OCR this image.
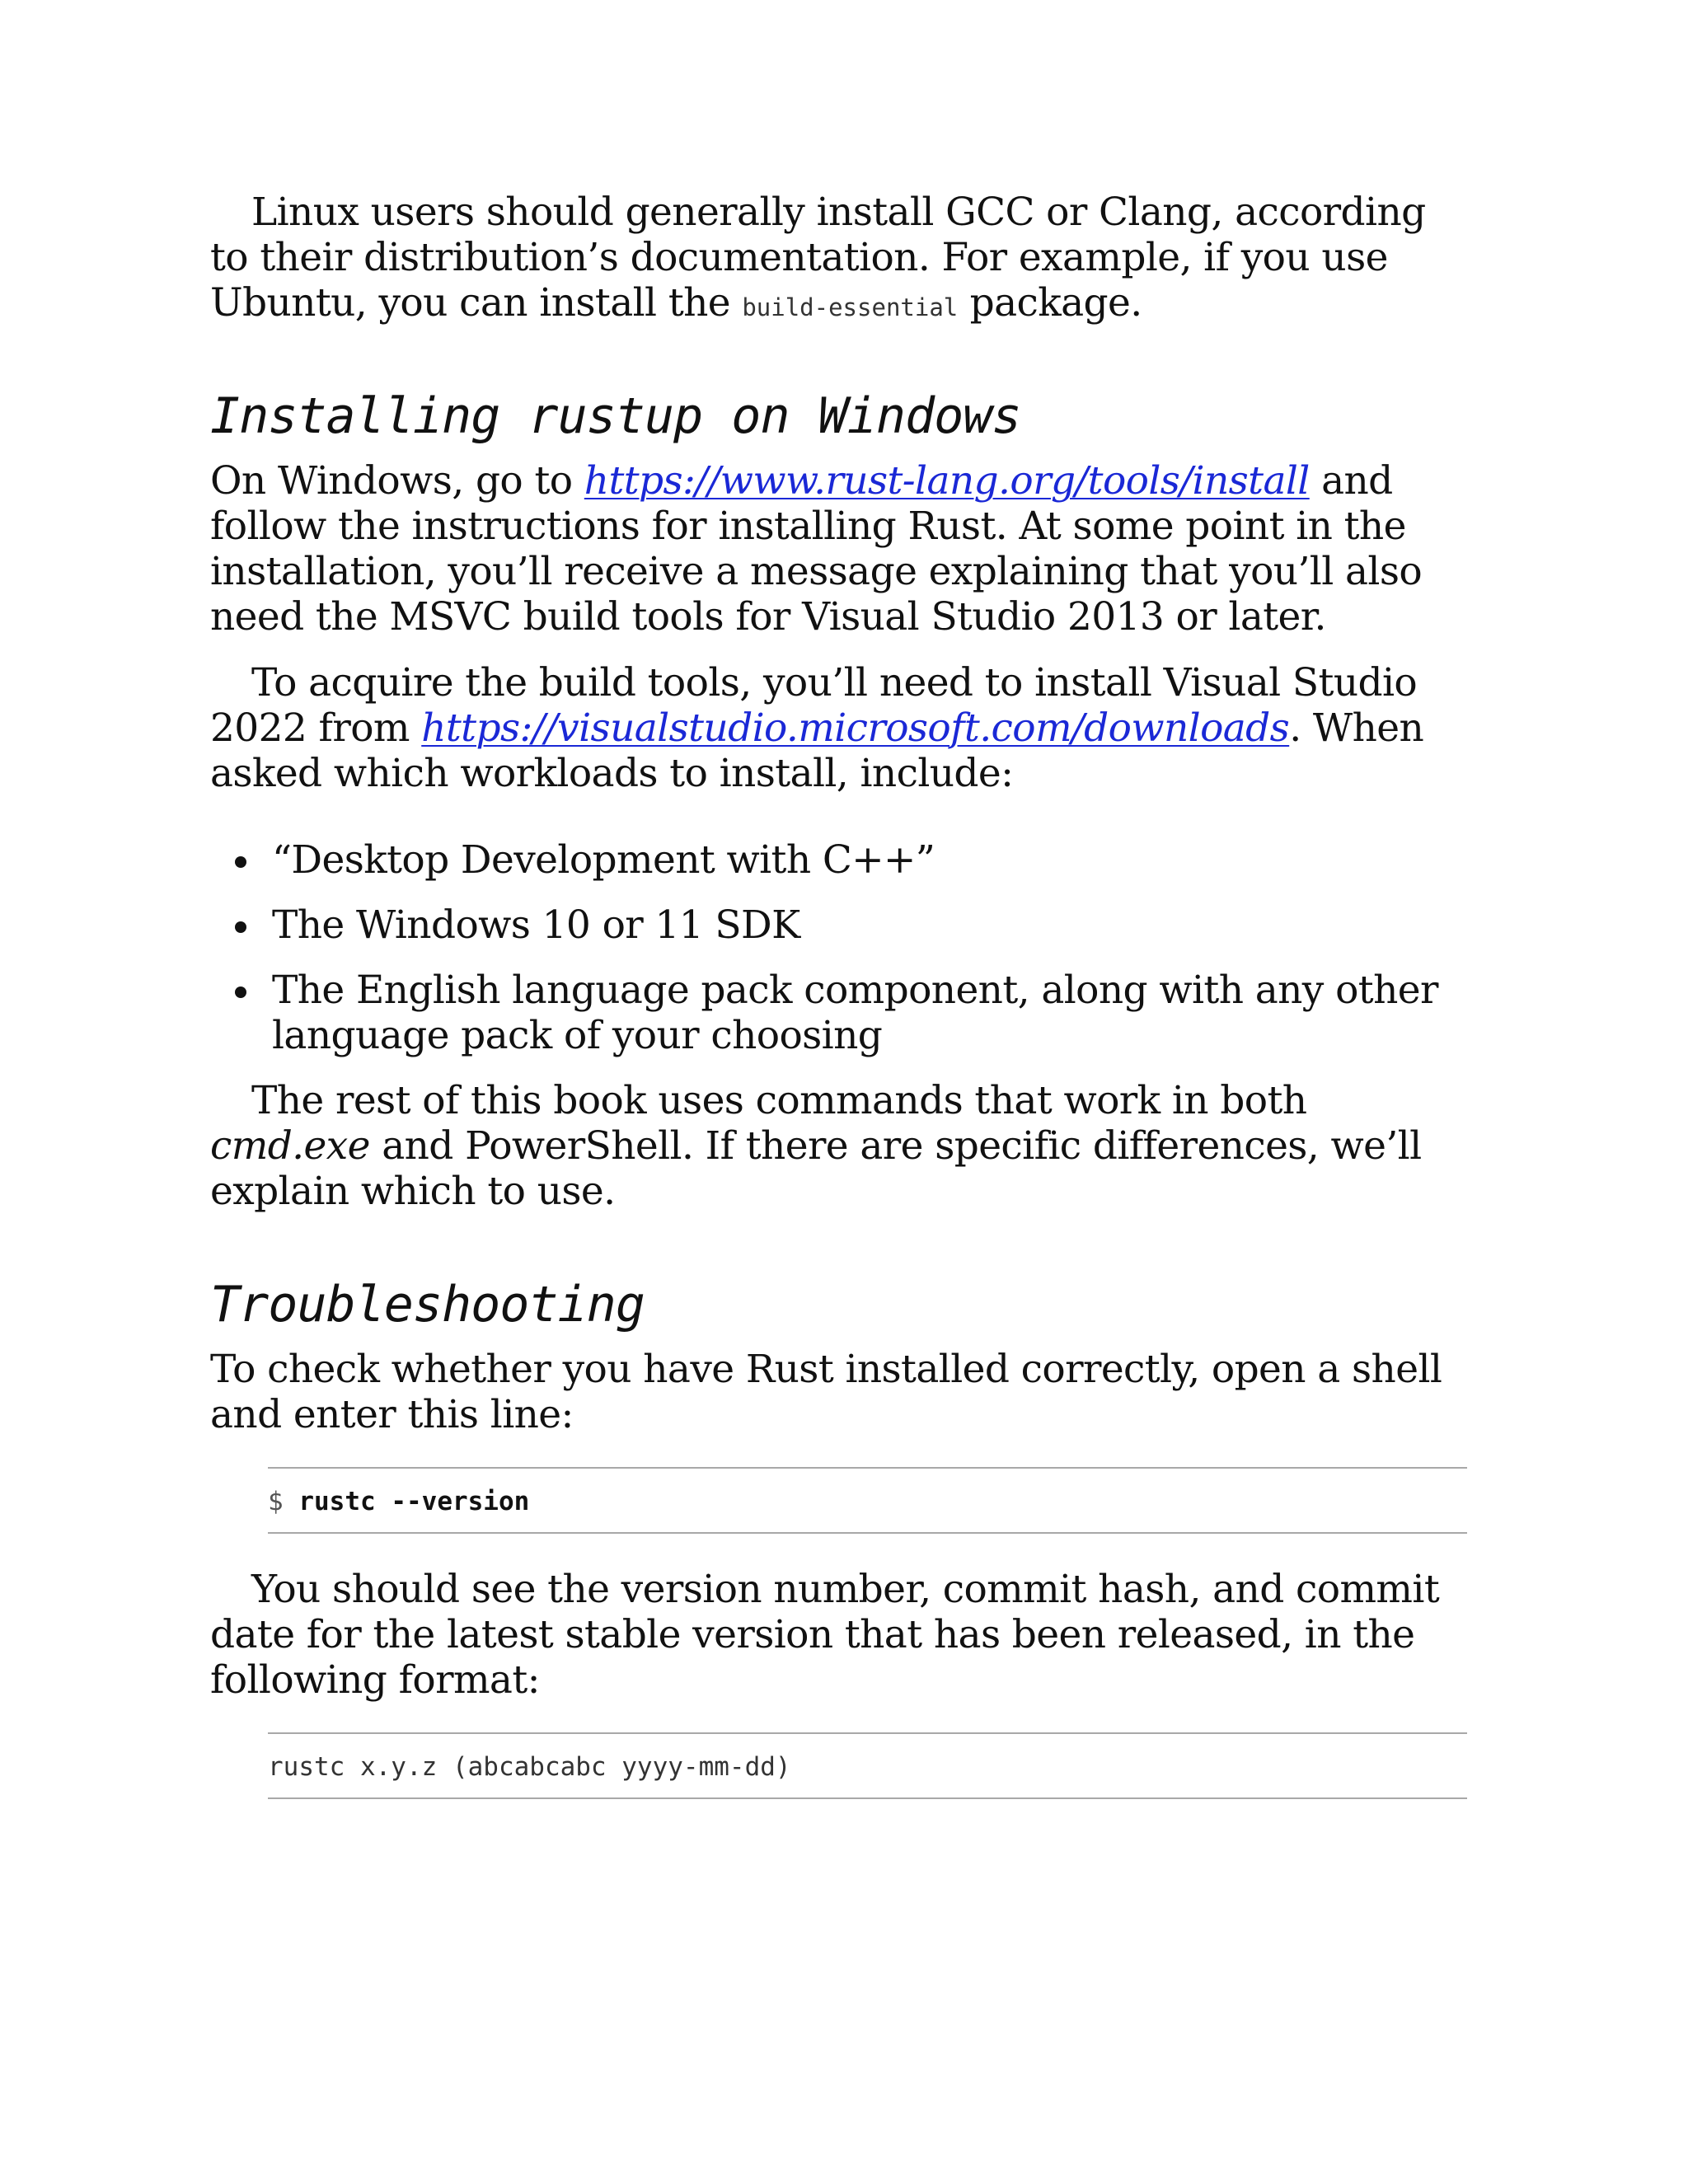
Linux users should generally install GCC or Clang, according to their distribution’s documentation. For example, if you use Ubuntu, you can install the build-essential package.

Installing rustup on Windows

On Windows, go to https://www.rust-lang.org/tools/install and follow the instructions for installing Rust. At some point in the installation, you’ll receive a message explaining that you’ll also need the MSVC build tools for Visual Studio 2013 or later.

To acquire the build tools, you’ll need to install Visual Studio 2022 from https://visualstudio.microsoft.com/downloads. When asked which workloads to install, include:

“Desktop Development with C++”
The Windows 10 or 11 SDK
The English language pack component, along with any other language pack of your choosing

The rest of this book uses commands that work in both cmd.exe and PowerShell. If there are specific differences, we’ll explain which to use.

Troubleshooting

To check whether you have Rust installed correctly, open a shell and enter this line:

$ rustc --version

You should see the version number, commit hash, and commit date for the latest stable version that has been released, in the following format:

rustc x.y.z (abcabcabc yyyy-mm-dd)
